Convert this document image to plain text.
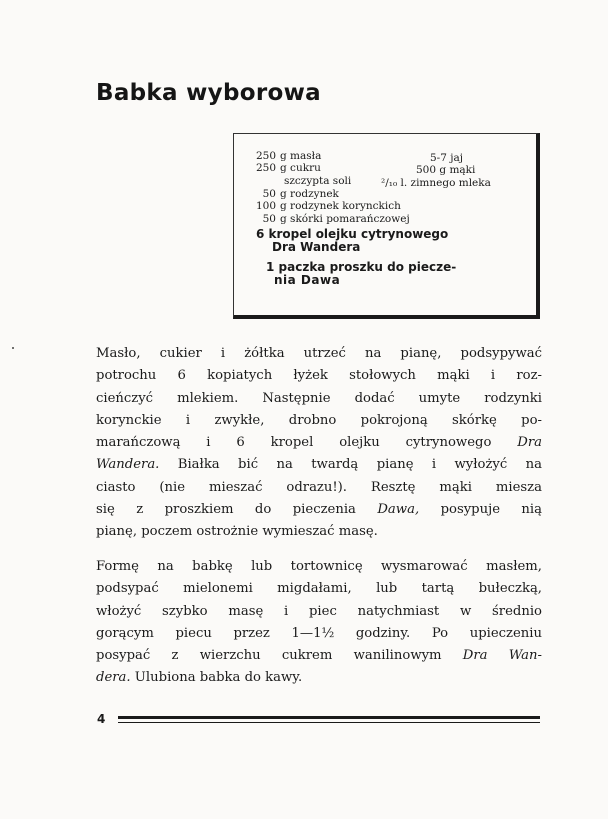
Babka wyborowa
250 g masła
250 g cukru
szczypta soli
50 g rodzynek
100 g rodzynek korynckich
50 g skórki pomarańczowej
5-7 jaj
500 g mąki
²/₁₀ l. zimnego mleka
6 kropel olejku cytrynowego
Dra Wandera
1 paczka proszku do piecze-
nia Dawa
Masło, cukier i żółtka utrzeć na pianę, podsypywać
potrochu 6 kopiatych łyżek stołowych mąki i roz-
cieńczyć mlekiem. Następnie dodać umyte rodzynki
korynckie i zwykłe, drobno pokrojoną skórkę po-
marańczową i 6 kropel olejku cytrynowego Dra
Wandera. Białka bić na twardą pianę i wyłożyć na
ciasto (nie mieszać odrazu!). Resztę mąki miesza
się z proszkiem do pieczenia Dawa, posypuje nią
pianę, poczem ostrożnie wymieszać masę.
Formę na babkę lub tortownicę wysmarować masłem,
podsypać mielonemi migdałami, lub tartą bułeczką,
włożyć szybko masę i piec natychmiast w średnio
gorącym piecu przez 1—1½ godziny. Po upieczeniu
posypać z wierzchu cukrem wanilinowym Dra Wan-
dera. Ulubiona babka do kawy.
4
